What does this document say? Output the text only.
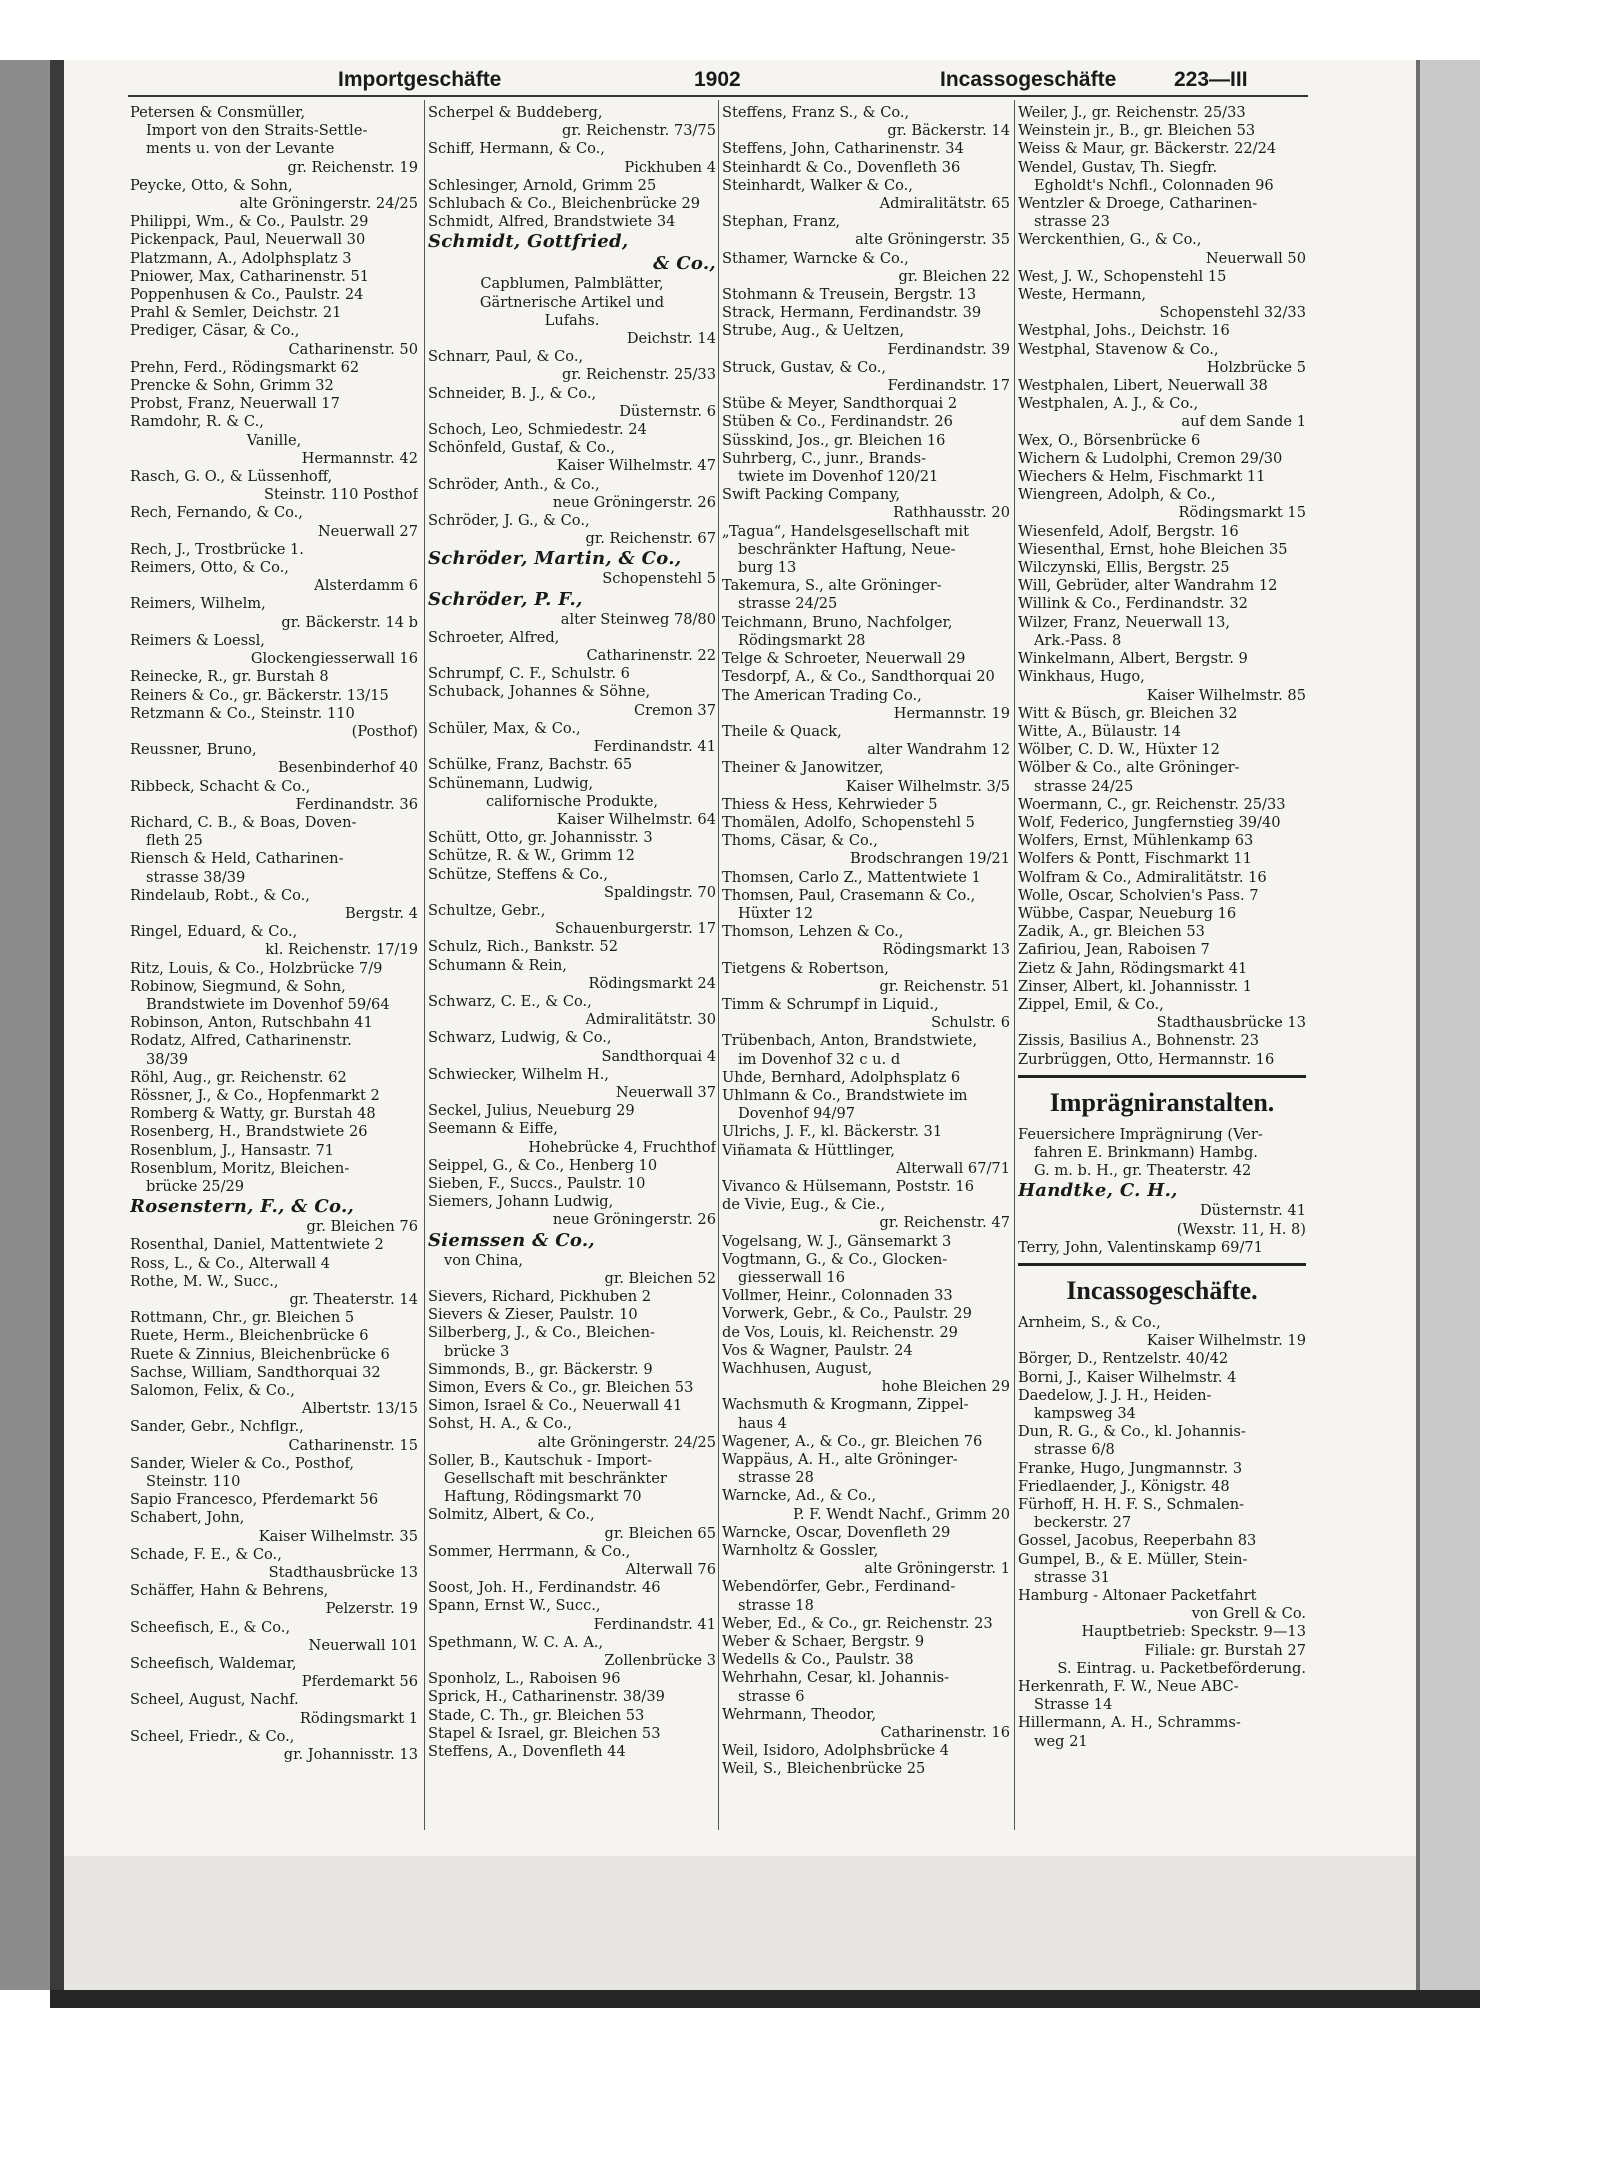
Importgeschäfte	1902	Incassogeschäfte	223—III
Petersen & Consmüller,
Import von den Straits-Settle-
ments u. von der Levante
gr. Reichenstr. 19
Peycke, Otto, & Sohn,
alte Gröningerstr. 24/25
Philippi, Wm., & Co., Paulstr. 29
Pickenpack, Paul, Neuerwall 30
Platzmann, A., Adolphsplatz 3
Pniower, Max, Catharinenstr. 51
Poppenhusen & Co., Paulstr. 24
Prahl & Semler, Deichstr. 21
Prediger, Cäsar, & Co.,
Catharinenstr. 50
Prehn, Ferd., Rödingsmarkt 62
Prencke & Sohn, Grimm 32
Probst, Franz, Neuerwall 17
Ramdohr, R. & C.,
Vanille,
Hermannstr. 42
Rasch, G. O., & Lüssenhoff,
Steinstr. 110 Posthof
Rech, Fernando, & Co.,
Neuerwall 27
Rech, J., Trostbrücke 1.
Reimers, Otto, & Co.,
Alsterdamm 6
Reimers, Wilhelm,
gr. Bäckerstr. 14 b
Reimers & Loessl,
Glockengiesserwall 16
Reinecke, R., gr. Burstah 8
Reiners & Co., gr. Bäckerstr. 13/15
Retzmann & Co., Steinstr. 110
(Posthof)
Reussner, Bruno,
Besenbinderhof 40
Ribbeck, Schacht & Co.,
Ferdinandstr. 36
Richard, C. B., & Boas, Doven-
fleth 25
Riensch & Held, Catharinen-
strasse 38/39
Rindelaub, Robt., & Co.,
Bergstr. 4
Ringel, Eduard, & Co.,
kl. Reichenstr. 17/19
Ritz, Louis, & Co., Holzbrücke 7/9
Robinow, Siegmund, & Sohn,
Brandstwiete im Dovenhof 59/64
Robinson, Anton, Rutschbahn 41
Rodatz, Alfred, Catharinenstr.
38/39
Röhl, Aug., gr. Reichenstr. 62
Rössner, J., & Co., Hopfenmarkt 2
Romberg & Watty, gr. Burstah 48
Rosenberg, H., Brandstwiete 26
Rosenblum, J., Hansastr. 71
Rosenblum, Moritz, Bleichen-
brücke 25/29
Rosenstern, F., & Co.,
gr. Bleichen 76
Rosenthal, Daniel, Mattentwiete 2
Ross, L., & Co., Alterwall 4
Rothe, M. W., Succ.,
gr. Theaterstr. 14
Rottmann, Chr., gr. Bleichen 5
Ruete, Herm., Bleichenbrücke 6
Ruete & Zinnius, Bleichenbrücke 6
Sachse, William, Sandthorquai 32
Salomon, Felix, & Co.,
Albertstr. 13/15
Sander, Gebr., Nchflgr.,
Catharinenstr. 15
Sander, Wieler & Co., Posthof,
Steinstr. 110
Sapio Francesco, Pferdemarkt 56
Schabert, John,
Kaiser Wilhelmstr. 35
Schade, F. E., & Co.,
Stadthausbrücke 13
Schäffer, Hahn & Behrens,
Pelzerstr. 19
Scheefisch, E., & Co.,
Neuerwall 101
Scheefisch, Waldemar,
Pferdemarkt 56
Scheel, August, Nachf.
Rödingsmarkt 1
Scheel, Friedr., & Co.,
gr. Johannisstr. 13
Scherpel & Buddeberg,
gr. Reichenstr. 73/75
Schiff, Hermann, & Co.,
Pickhuben 4
Schlesinger, Arnold, Grimm 25
Schlubach & Co., Bleichenbrücke 29
Schmidt, Alfred, Brandstwiete 34
Schmidt, Gottfried,
& Co.,
Capblumen, Palmblätter,
Gärtnerische Artikel und
Lufahs.
Deichstr. 14
Schnarr, Paul, & Co.,
gr. Reichenstr. 25/33
Schneider, B. J., & Co.,
Düsternstr. 6
Schoch, Leo, Schmiedestr. 24
Schönfeld, Gustaf, & Co.,
Kaiser Wilhelmstr. 47
Schröder, Anth., & Co.,
neue Gröningerstr. 26
Schröder, J. G., & Co.,
gr. Reichenstr. 67
Schröder, Martin, & Co.,
Schopenstehl 5
Schröder, P. F.,
alter Steinweg 78/80
Schroeter, Alfred,
Catharinenstr. 22
Schrumpf, C. F., Schulstr. 6
Schuback, Johannes & Söhne,
Cremon 37
Schüler, Max, & Co.,
Ferdinandstr. 41
Schülke, Franz, Bachstr. 65
Schünemann, Ludwig,
californische Produkte,
Kaiser Wilhelmstr. 64
Schütt, Otto, gr. Johannisstr. 3
Schütze, R. & W., Grimm 12
Schütze, Steffens & Co.,
Spaldingstr. 70
Schultze, Gebr.,
Schauenburgerstr. 17
Schulz, Rich., Bankstr. 52
Schumann & Rein,
Rödingsmarkt 24
Schwarz, C. E., & Co.,
Admiralitätstr. 30
Schwarz, Ludwig, & Co.,
Sandthorquai 4
Schwiecker, Wilhelm H.,
Neuerwall 37
Seckel, Julius, Neueburg 29
Seemann & Eiffe,
Hohebrücke 4, Fruchthof
Seippel, G., & Co., Henberg 10
Sieben, F., Succs., Paulstr. 10
Siemers, Johann Ludwig,
neue Gröningerstr. 26
Siemssen & Co.,
von China,
gr. Bleichen 52
Sievers, Richard, Pickhuben 2
Sievers & Zieser, Paulstr. 10
Silberberg, J., & Co., Bleichen-
brücke 3
Simmonds, B., gr. Bäckerstr. 9
Simon, Evers & Co., gr. Bleichen 53
Simon, Israel & Co., Neuerwall 41
Sohst, H. A., & Co.,
alte Gröningerstr. 24/25
Soller, B., Kautschuk - Import-
Gesellschaft mit beschränkter
Haftung, Rödingsmarkt 70
Solmitz, Albert, & Co.,
gr. Bleichen 65
Sommer, Herrmann, & Co.,
Alterwall 76
Soost, Joh. H., Ferdinandstr. 46
Spann, Ernst W., Succ.,
Ferdinandstr. 41
Spethmann, W. C. A. A.,
Zollenbrücke 3
Sponholz, L., Raboisen 96
Sprick, H., Catharinenstr. 38/39
Stade, C. Th., gr. Bleichen 53
Stapel & Israel, gr. Bleichen 53
Steffens, A., Dovenfleth 44
Steffens, Franz S., & Co.,
gr. Bäckerstr. 14
Steffens, John, Catharinenstr. 34
Steinhardt & Co., Dovenfleth 36
Steinhardt, Walker & Co.,
Admiralitätstr. 65
Stephan, Franz,
alte Gröningerstr. 35
Sthamer, Warncke & Co.,
gr. Bleichen 22
Stohmann & Treusein, Bergstr. 13
Strack, Hermann, Ferdinandstr. 39
Strube, Aug., & Ueltzen,
Ferdinandstr. 39
Struck, Gustav, & Co.,
Ferdinandstr. 17
Stübe & Meyer, Sandthorquai 2
Stüben & Co., Ferdinandstr. 26
Süsskind, Jos., gr. Bleichen 16
Suhrberg, C., junr., Brands-
twiete im Dovenhof 120/21
Swift Packing Company,
Rathhausstr. 20
„Tagua“, Handelsgesellschaft mit
beschränkter Haftung, Neue-
burg 13
Takemura, S., alte Gröninger-
strasse 24/25
Teichmann, Bruno, Nachfolger,
Rödingsmarkt 28
Telge & Schroeter, Neuerwall 29
Tesdorpf, A., & Co., Sandthorquai 20
The American Trading Co.,
Hermannstr. 19
Theile & Quack,
alter Wandrahm 12
Theiner & Janowitzer,
Kaiser Wilhelmstr. 3/5
Thiess & Hess, Kehrwieder 5
Thomälen, Adolfo, Schopenstehl 5
Thoms, Cäsar, & Co.,
Brodschrangen 19/21
Thomsen, Carlo Z., Mattentwiete 1
Thomsen, Paul, Crasemann & Co.,
Hüxter 12
Thomson, Lehzen & Co.,
Rödingsmarkt 13
Tietgens & Robertson,
gr. Reichenstr. 51
Timm & Schrumpf in Liquid.,
Schulstr. 6
Trübenbach, Anton, Brandstwiete,
im Dovenhof 32 c u. d
Uhde, Bernhard, Adolphsplatz 6
Uhlmann & Co., Brandstwiete im
Dovenhof 94/97
Ulrichs, J. F., kl. Bäckerstr. 31
Viñamata & Hüttlinger,
Alterwall 67/71
Vivanco & Hülsemann, Poststr. 16
de Vivie, Eug., & Cie.,
gr. Reichenstr. 47
Vogelsang, W. J., Gänsemarkt 3
Vogtmann, G., & Co., Glocken-
giesserwall 16
Vollmer, Heinr., Colonnaden 33
Vorwerk, Gebr., & Co., Paulstr. 29
de Vos, Louis, kl. Reichenstr. 29
Vos & Wagner, Paulstr. 24
Wachhusen, August,
hohe Bleichen 29
Wachsmuth & Krogmann, Zippel-
haus 4
Wagener, A., & Co., gr. Bleichen 76
Wappäus, A. H., alte Gröninger-
strasse 28
Warncke, Ad., & Co.,
P. F. Wendt Nachf., Grimm 20
Warncke, Oscar, Dovenfleth 29
Warnholtz & Gossler,
alte Gröningerstr. 1
Webendörfer, Gebr., Ferdinand-
strasse 18
Weber, Ed., & Co., gr. Reichenstr. 23
Weber & Schaer, Bergstr. 9
Wedells & Co., Paulstr. 38
Wehrhahn, Cesar, kl. Johannis-
strasse 6
Wehrmann, Theodor,
Catharinenstr. 16
Weil, Isidoro, Adolphsbrücke 4
Weil, S., Bleichenbrücke 25
Weiler, J., gr. Reichenstr. 25/33
Weinstein jr., B., gr. Bleichen 53
Weiss & Maur, gr. Bäckerstr. 22/24
Wendel, Gustav, Th. Siegfr.
Egholdt's Nchfl., Colonnaden 96
Wentzler & Droege, Catharinen-
strasse 23
Werckenthien, G., & Co.,
Neuerwall 50
West, J. W., Schopenstehl 15
Weste, Hermann,
Schopenstehl 32/33
Westphal, Johs., Deichstr. 16
Westphal, Stavenow & Co.,
Holzbrücke 5
Westphalen, Libert, Neuerwall 38
Westphalen, A. J., & Co.,
auf dem Sande 1
Wex, O., Börsenbrücke 6
Wichern & Ludolphi, Cremon 29/30
Wiechers & Helm, Fischmarkt 11
Wiengreen, Adolph, & Co.,
Rödingsmarkt 15
Wiesenfeld, Adolf, Bergstr. 16
Wiesenthal, Ernst, hohe Bleichen 35
Wilczynski, Ellis, Bergstr. 25
Will, Gebrüder, alter Wandrahm 12
Willink & Co., Ferdinandstr. 32
Wilzer, Franz, Neuerwall 13,
Ark.-Pass. 8
Winkelmann, Albert, Bergstr. 9
Winkhaus, Hugo,
Kaiser Wilhelmstr. 85
Witt & Büsch, gr. Bleichen 32
Witte, A., Bülaustr. 14
Wölber, C. D. W., Hüxter 12
Wölber & Co., alte Gröninger-
strasse 24/25
Woermann, C., gr. Reichenstr. 25/33
Wolf, Federico, Jungfernstieg 39/40
Wolfers, Ernst, Mühlenkamp 63
Wolfers & Pontt, Fischmarkt 11
Wolfram & Co., Admiralitätstr. 16
Wolle, Oscar, Scholvien's Pass. 7
Wübbe, Caspar, Neueburg 16
Zadik, A., gr. Bleichen 53
Zafiriou, Jean, Raboisen 7
Zietz & Jahn, Rödingsmarkt 41
Zinser, Albert, kl. Johannisstr. 1
Zippel, Emil, & Co.,
Stadthausbrücke 13
Zissis, Basilius A., Bohnenstr. 23
Zurbrüggen, Otto, Hermannstr. 16
Imprägniranstalten.
Feuersichere Imprägnirung (Ver-
fahren E. Brinkmann) Hambg.
G. m. b. H., gr. Theaterstr. 42
Handtke, C. H.,
Düsternstr. 41
(Wexstr. 11, H. 8)
Terry, John, Valentinskamp 69/71
Incassogeschäfte.
Arnheim, S., & Co.,
Kaiser Wilhelmstr. 19
Börger, D., Rentzelstr. 40/42
Borni, J., Kaiser Wilhelmstr. 4
Daedelow, J. J. H., Heiden-
kampsweg 34
Dun, R. G., & Co., kl. Johannis-
strasse 6/8
Franke, Hugo, Jungmannstr. 3
Friedlaender, J., Königstr. 48
Fürhoff, H. H. F. S., Schmalen-
beckerstr. 27
Gossel, Jacobus, Reeperbahn 83
Gumpel, B., & E. Müller, Stein-
strasse 31
Hamburg - Altonaer Packetfahrt
von Grell & Co.
Hauptbetrieb: Speckstr. 9—13
Filiale: gr. Burstah 27
S. Eintrag. u. Packetbeförderung.
Herkenrath, F. W., Neue ABC-
Strasse 14
Hillermann, A. H., Schramms-
weg 21
